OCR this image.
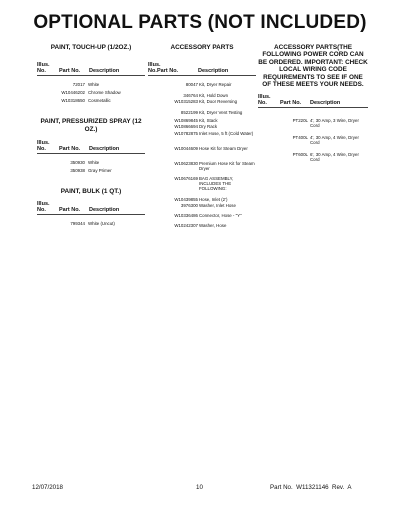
OPTIONAL PARTS (NOT INCLUDED)
PAINT, TOUCH-UP (1/2OZ.)
Illus.
No.	Part No. Description
72017 White
W10446202 Chrome Shadow
W10318650 Cosmetallic
PAINT, PRESSURIZED SPRAY (12 OZ.)
Illus.
No.	Part No. Description
350930 White
350938 Gray Primer
PAINT, BULK (1 QT.)
Illus.
No.	Part No. Description
799344 White (Uncut)
ACCESSORY PARTS
Illus.
No. Part No.	Description
80047 Kit, Dryer Repair
346764 Kit, Hold Down
W10315283 Kit, Door Reversing
8522199 Kit, Dryer Vent Testing
W10869845 Kit, Stack
W10866694 Dry Rack
W10782875 Inlet Hose, 5 ft (Cold Water)
W10044609 Hose Kit for Steam Dryer
W10623830 Premium Hose Kit for Steam Dryer
W10676169 BAG ASSEMBLY, INCLUDES THE FOLLOWING:
W10439855 Hose, Inlet (2')
3976300 Washer, Inlet Hose
W10336486 Connector, Hose - "Y"
W10242307 Washer, Hose
ACCESSORY PARTS(THE FOLLOWING POWER CORD CAN BE ORDERED. IMPORTANT: CHECK LOCAL WIRING CODE REQUIREMENTS TO SEE IF ONE OF THESE MEETS YOUR NEEDS.
Illus.
No.	Part No. Description
PT220L 4', 30 Amp, 3 Wire, Dryer Cord
PT400L 4', 30 Amp, 4 Wire, Dryer Cord
PT600L 6', 30 Amp, 4 Wire, Dryer Cord
12/07/2018	10	Part No.  W11321146  Rev.  A
